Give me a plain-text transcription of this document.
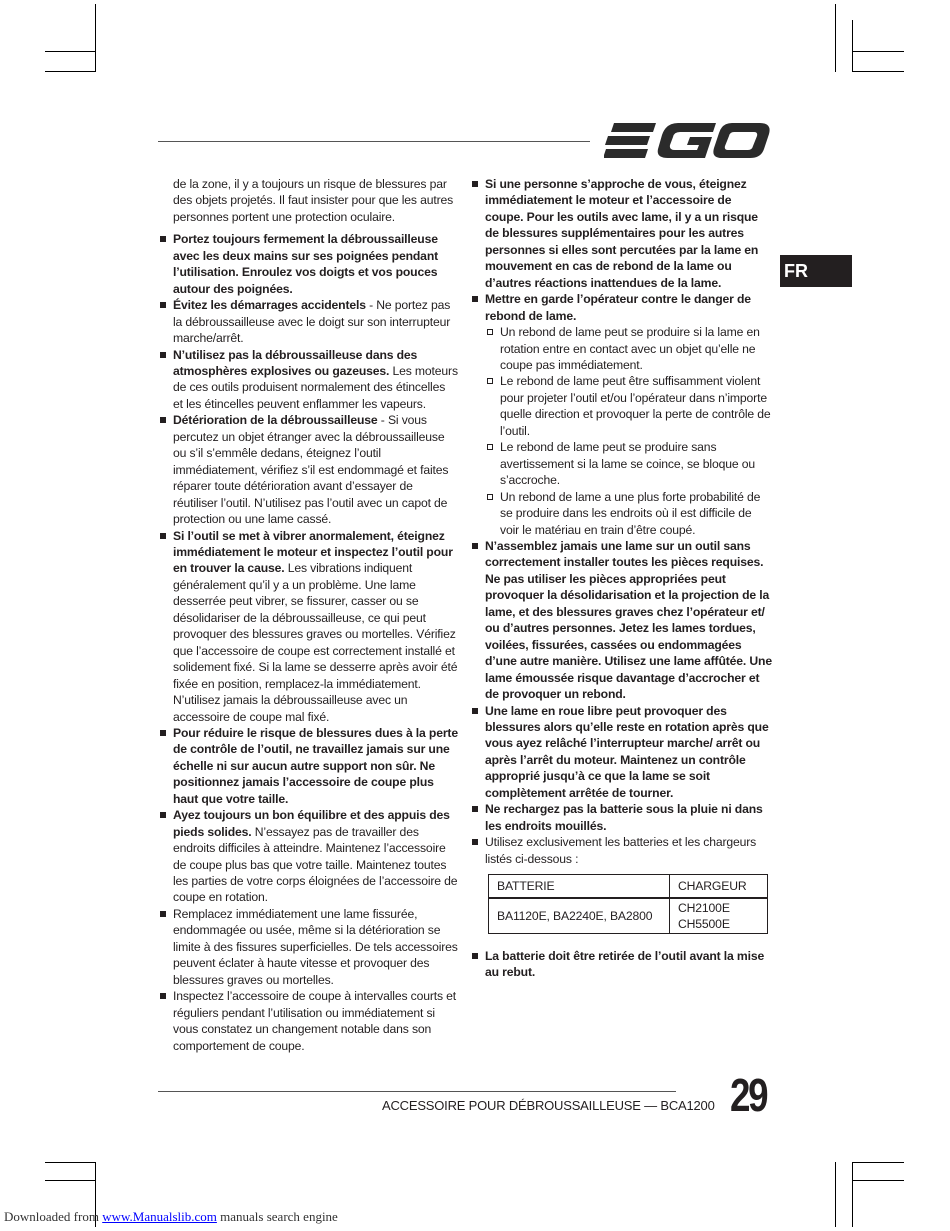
FR

de la zone, il y a toujours un risque de blessures par des objets projetés. Il faut insister pour que les autres personnes portent une protection oculaire.

Portez toujours fermement la débroussailleuse avec les deux mains sur ses poignées pendant l’utilisation. Enroulez vos doigts et vos pouces autour des poignées.

Évitez les démarrages accidentels - Ne portez pas la débroussailleuse avec le doigt sur son interrupteur marche/arrêt.

N’utilisez pas la débroussailleuse dans des atmosphères explosives ou gazeuses. Les moteurs de ces outils produisent normalement des étincelles et les étincelles peuvent enflammer les vapeurs.

Détérioration de la débroussailleuse - Si vous percutez un objet étranger avec la débroussailleuse ou s’il s’emmêle dedans, éteignez l’outil immédiatement, vérifiez s’il est endommagé et faites réparer toute détérioration avant d’essayer de réutiliser l’outil. N’utilisez pas l’outil avec un capot de protection ou une lame cassé.

Si l’outil se met à vibrer anormalement, éteignez immédiatement le moteur et inspectez l’outil pour en trouver la cause. Les vibrations indiquent généralement qu’il y a un problème. Une lame desserrée peut vibrer, se fissurer, casser ou se désolidariser de la débroussailleuse, ce qui peut provoquer des blessures graves ou mortelles. Vérifiez que l’accessoire de coupe est correctement installé et solidement fixé. Si la lame se desserre après avoir été fixée en position, remplacez-la immédiatement. N’utilisez jamais la débroussailleuse avec un accessoire de coupe mal fixé.

Pour réduire le risque de blessures dues à la perte de contrôle de l’outil, ne travaillez jamais sur une échelle ni sur aucun autre support non sûr. Ne positionnez jamais l’accessoire de coupe plus haut que votre taille.

Ayez toujours un bon équilibre et des appuis des pieds solides. N’essayez pas de travailler des endroits difficiles à atteindre. Maintenez l’accessoire de coupe plus bas que votre taille. Maintenez toutes les parties de votre corps éloignées de l’accessoire de coupe en rotation.

Remplacez immédiatement une lame fissurée, endommagée ou usée, même si la détérioration se limite à des fissures superficielles. De tels accessoires peuvent éclater à haute vitesse et provoquer des blessures graves ou mortelles.

Inspectez l’accessoire de coupe à intervalles courts et réguliers pendant l’utilisation ou immédiatement si vous constatez un changement notable dans son comportement de coupe.

Si une personne s’approche de vous, éteignez immédiatement le moteur et l’accessoire de coupe. Pour les outils avec lame, il y a un risque de blessures supplémentaires pour les autres personnes si elles sont percutées par la lame en mouvement en cas de rebond de la lame ou d’autres réactions inattendues de la lame.

Mettre en garde l’opérateur contre le danger de rebond de lame.

Un rebond de lame peut se produire si la lame en rotation entre en contact avec un objet qu’elle ne coupe pas immédiatement.

Le rebond de lame peut être suffisamment violent pour projeter l’outil et/ou l’opérateur dans n’importe quelle direction et provoquer la perte de contrôle de l’outil.

Le rebond de lame peut se produire sans avertissement si la lame se coince, se bloque ou s’accroche.

Un rebond de lame a une plus forte probabilité de se produire dans les endroits où il est difficile de voir le matériau en train d’être coupé.

N’assemblez jamais une lame sur un outil sans correctement installer toutes les pièces requises. Ne pas utiliser les pièces appropriées peut provoquer la désolidarisation et la projection de la lame, et des blessures graves chez l’opérateur et/ ou d’autres personnes. Jetez les lames tordues, voilées, fissurées, cassées ou endommagées d’une autre manière. Utilisez une lame affûtée. Une lame émoussée risque davantage d’accrocher et de provoquer un rebond.

Une lame en roue libre peut provoquer des blessures alors qu’elle reste en rotation après que vous ayez relâché l’interrupteur marche/ arrêt ou après l’arrêt du moteur. Maintenez un contrôle approprié jusqu’à ce que la lame se soit complètement arrêtée de tourner.

Ne rechargez pas la batterie sous la pluie ni dans les endroits mouillés.

Utilisez exclusivement les batteries et les chargeurs listés ci-dessous :

BATTERIE	CHARGEUR
BA1120E, BA2240E, BA2800	CH2100E
CH5500E

La batterie doit être retirée de l’outil avant la mise au rebut.

ACCESSOIRE POUR DÉBROUSSAILLEUSE — BCA1200 29
Downloaded from www.Manualslib.com manuals search engine
